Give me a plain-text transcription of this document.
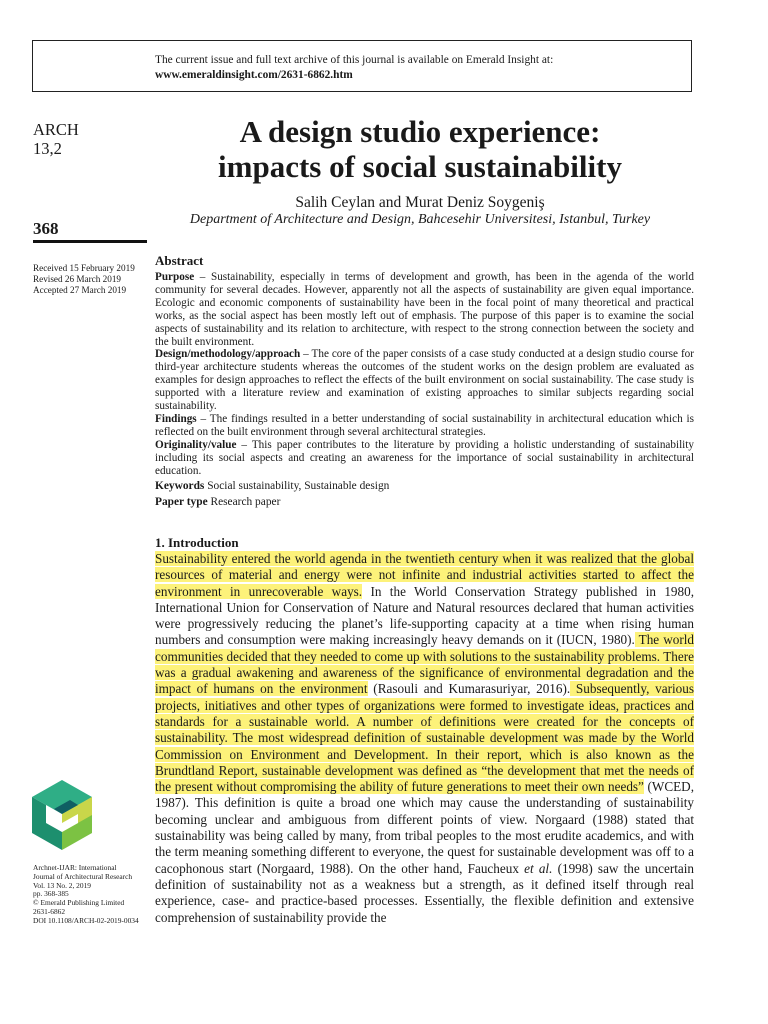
The current issue and full text archive of this journal is available on Emerald Insight at:
www.emeraldinsight.com/2631-6862.htm
ARCH
13,2
368
Received 15 February 2019
Revised 26 March 2019
Accepted 27 March 2019
A design studio experience:
impacts of social sustainability
Salih Ceylan and Murat Deniz Soygeniş
Department of Architecture and Design, Bahcesehir Universitesi, Istanbul, Turkey
Abstract

Purpose – Sustainability, especially in terms of development and growth, has been in the agenda of the world community for several decades. However, apparently not all the aspects of sustainability are given equal importance. Ecologic and economic components of sustainability have been in the focal point of many theoretical and practical works, as the social aspect has been mostly left out of emphasis. The purpose of this paper is to examine the social aspects of sustainability and its relation to architecture, with respect to the strong connection between the society and the built environment.

Design/methodology/approach – The core of the paper consists of a case study conducted at a design studio course for third-year architecture students whereas the outcomes of the student works on the design problem are evaluated as examples for design approaches to reflect the effects of the built environment on social sustainability. The case study is supported with a literature review and examination of existing approaches to similar subjects regarding social sustainability.

Findings – The findings resulted in a better understanding of social sustainability in architectural education which is reflected on the built environment through several architectural strategies.

Originality/value – This paper contributes to the literature by providing a holistic understanding of sustainability including its social aspects and creating an awareness for the importance of social sustainability in architectural education.

Keywords Social sustainability, Sustainable design
Paper type Research paper
1. Introduction

Sustainability entered the world agenda in the twentieth century when it was realized that the global resources of material and energy were not infinite and industrial activities started to affect the environment in unrecoverable ways. In the World Conservation Strategy published in 1980, International Union for Conservation of Nature and Natural resources declared that human activities were progressively reducing the planet’s life-supporting capacity at a time when rising human numbers and consumption were making increasingly heavy demands on it (IUCN, 1980). The world communities decided that they needed to come up with solutions to the sustainability problems. There was a gradual awakening and awareness of the significance of environmental degradation and the impact of humans on the environment (Rasouli and Kumarasuriyar, 2016). Subsequently, various projects, initiatives and other types of organizations were formed to investigate ideas, practices and standards for a sustainable world. A number of definitions were created for the concepts of sustainability. The most widespread definition of sustainable development was made by the World Commission on Environment and Development. In their report, which is also known as the Brundtland Report, sustainable development was defined as “the development that met the needs of the present without compromising the ability of future generations to meet their own needs” (WCED, 1987). This definition is quite a broad one which may cause the understanding of sustainability becoming unclear and ambiguous from different points of view. Norgaard (1988) stated that sustainability was being called by many, from tribal peoples to the most erudite academics, and with the term meaning something different to everyone, the quest for sustainable development was off to a cacophonous start (Norgaard, 1988). On the other hand, Faucheux et al. (1998) saw the uncertain definition of sustainability not as a weakness but a strength, as it defined itself through real experience, case- and practice-based processes. Essentially, the flexible definition and extensive comprehension of sustainability provide the

Archnet-IJAR: International
Journal of Architectural Research
Vol. 13 No. 2, 2019
pp. 368-385
© Emerald Publishing Limited
2631-6862
DOI 10.1108/ARCH-02-2019-0034
